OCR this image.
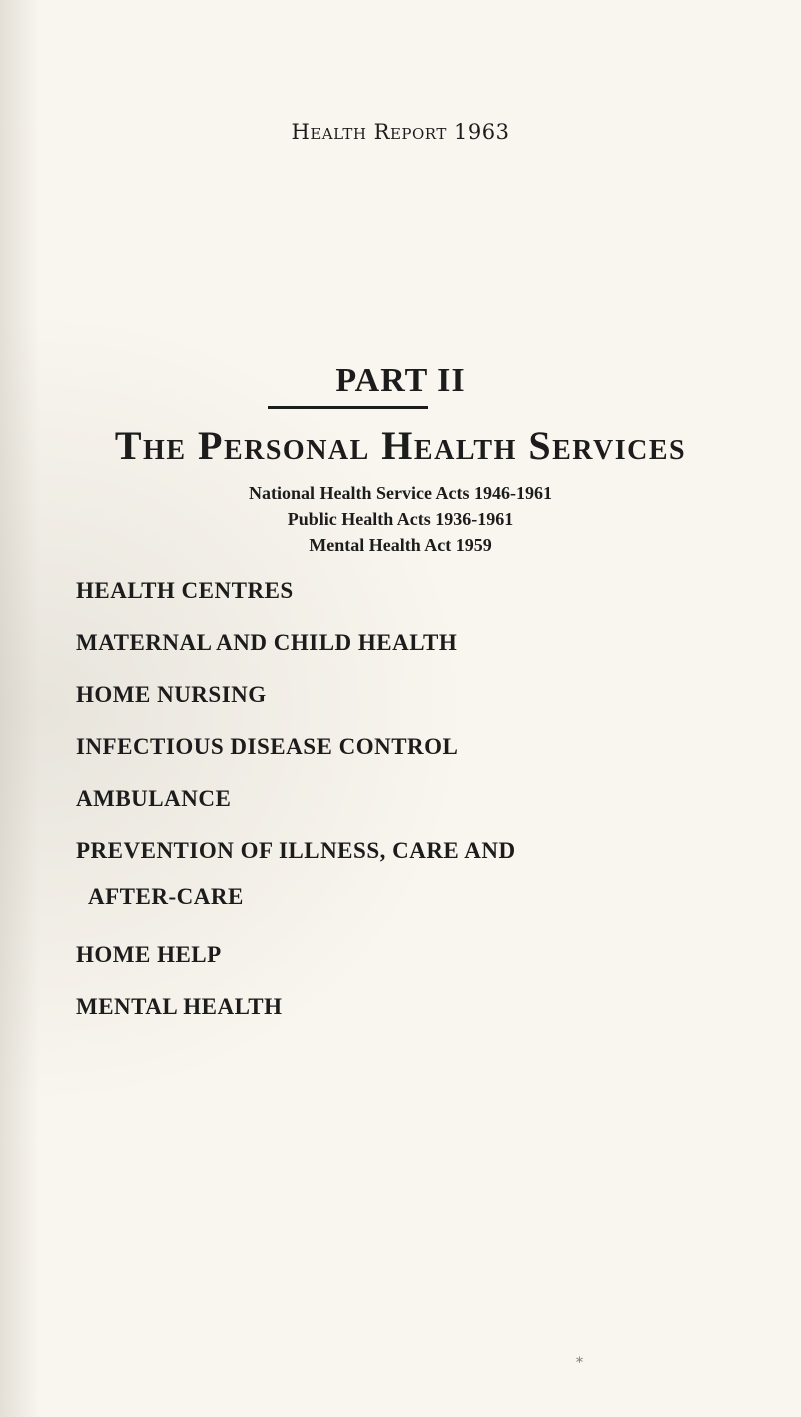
Health Report 1963
PART II
The Personal Health Services
National Health Service Acts 1946-1961
Public Health Acts 1936-1961
Mental Health Act 1959
HEALTH CENTRES
MATERNAL AND CHILD HEALTH
HOME NURSING
INFECTIOUS DISEASE CONTROL
AMBULANCE
PREVENTION OF ILLNESS, CARE AND
AFTER-CARE
HOME HELP
MENTAL HEALTH
*
